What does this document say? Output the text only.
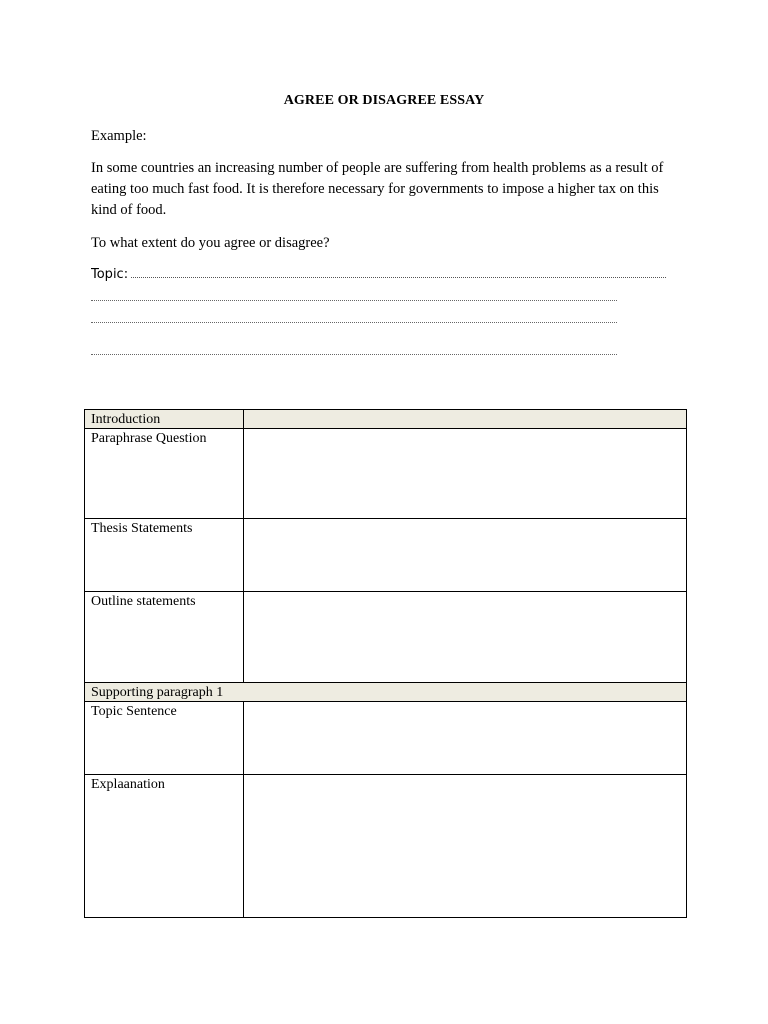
AGREE OR DISAGREE ESSAY
Example:
In some countries an increasing number of people are suffering from health problems as a result of eating too much fast food. It is therefore necessary for governments to impose a higher tax on this kind of food.
To what extent do you agree or disagree?
Topic:
Introduction	
Paraphrase Question	
Thesis Statements	
Outline statements	
Supporting paragraph 1	
Topic Sentence	
Explaanation	
